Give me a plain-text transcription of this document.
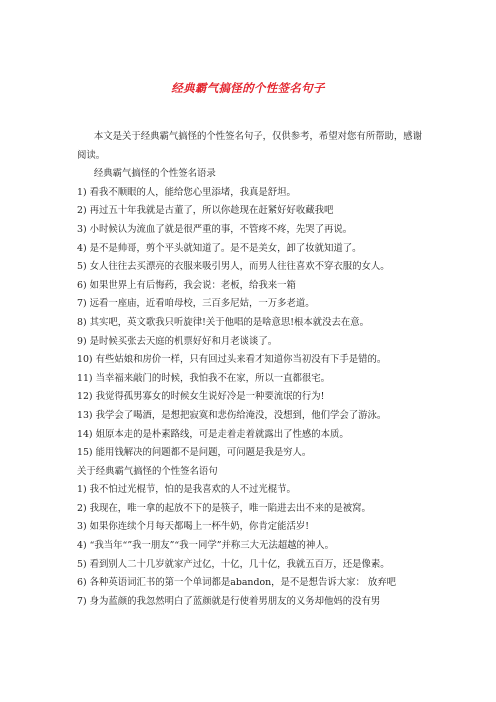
经典霸气搞怪的个性签名句子
本文是关于经典霸气搞怪的个性签名句子，仅供参考，希望对您有所帮助，感谢阅读。
经典霸气搞怪的个性签名语录
1) 看我不顺眼的人，能给您心里添堵，我真是舒坦。
2) 再过五十年我就是古董了，所以你趁现在赶紧好好收藏我吧
3) 小时候认为流血了就是很严重的事，不管疼不疼，先哭了再说。
4) 是不是帅哥，剪个平头就知道了。是不是美女，卸了妆就知道了。
5) 女人往往去买漂亮的衣服来吸引男人，而男人往往喜欢不穿衣服的女人。
6) 如果世界上有后悔药，我会说：老板，给我来一箱
7) 远看一座庙，近看咱母校，三百多尼姑，一万多老道。
8) 其实吧，英文歌我只听旋律!关于他唱的是啥意思!根本就没去在意。
9) 是时候买张去天庭的机票好好和月老谈谈了。
10) 有些姑娘和房价一样，只有回过头来看才知道你当初没有下手是错的。
11) 当幸福来敲门的时候，我怕我不在家，所以一直都很宅。
12) 我觉得孤男寡女的时候女生说好冷是一种要流氓的行为!
13) 我学会了喝酒，是想把寂寞和悲伤给淹没，没想到，他们学会了游泳。
14) 姐原本走的是朴素路线，可是走着走着就露出了性感的本质。
15) 能用钱解决的问题都不是问题，可问题是我是穷人。
关于经典霸气搞怪的个性签名语句
1) 我不怕过光棍节，怕的是我喜欢的人不过光棍节。
2) 我现在，唯一拿的起放不下的是筷子，唯一陷进去出不来的是被窝。
3) 如果你连续个月每天都喝上一杯牛奶，你肯定能活岁!
4) “我当年“”我一朋友”“我一同学”并称三大无法超越的神人。
5) 看到别人二十几岁就家产过亿，十亿，几十亿，我就五百万，还是像素。
6) 各种英语词汇书的第一个单词都是abandon，是不是想告诉大家： 放弃吧
7) 身为蓝颜的我忽然明白了蓝颜就是行使着男朋友的义务却他妈的没有男
